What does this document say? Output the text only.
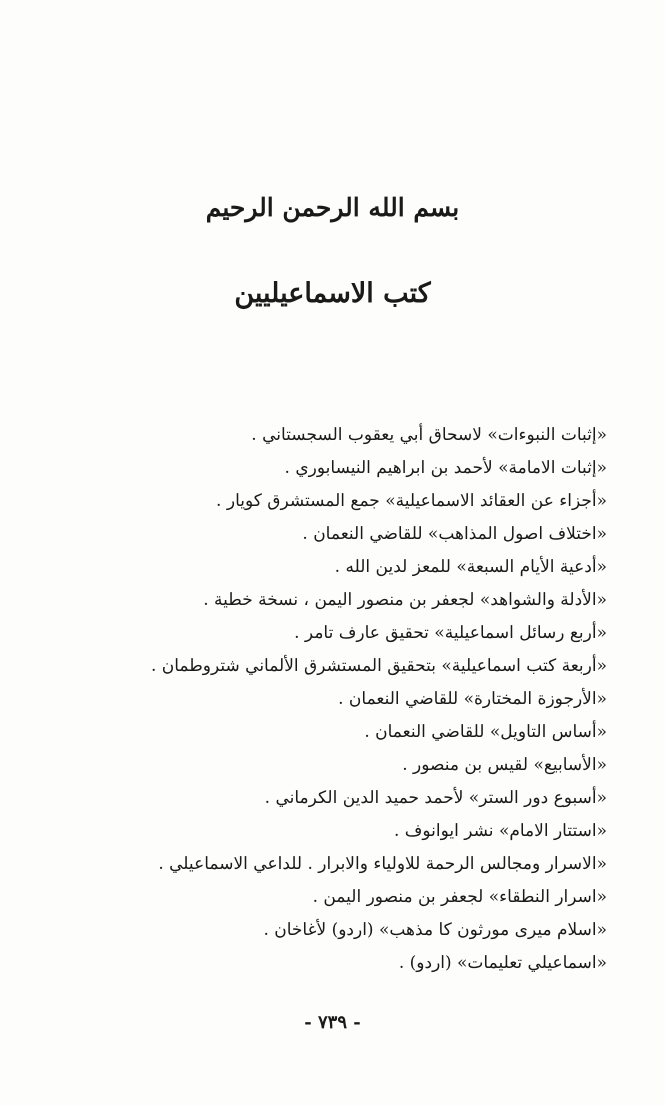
بسم الله الرحمن الرحيم
كتب الاسماعيليين
«إثبات النبوءات» لاسحاق أبي يعقوب السجستاني .
«إثبات الامامة» لأحمد بن ابراهيم النيسابوري .
«أجزاء عن العقائد الاسماعيلية» جمع المستشرق كويار .
«اختلاف اصول المذاهب» للقاضي النعمان .
«أدعية الأيام السبعة» للمعز لدين الله .
«الأدلة والشواهد» لجعفر بن منصور اليمن ، نسخة خطية .
«أربع رسائل اسماعيلية» تحقيق عارف تامر .
«أربعة كتب اسماعيلية» بتحقيق المستشرق الألماني شتروطمان .
«الأرجوزة المختارة» للقاضي النعمان .
«أساس التاويل» للقاضي النعمان .
«الأسابيع» لقيس بن منصور .
«أسبوع دور الستر» لأحمد حميد الدين الكرماني .
«استتار الامام» نشر ايوانوف .
«الاسرار ومجالس الرحمة للاولياء والابرار . للداعي الاسماعيلي .
«اسرار النطقاء» لجعفر بن منصور اليمن .
«اسلام ميرى مورثون كا مذهب» (اردو) لأغاخان .
«اسماعيلي تعليمات» (اردو) .
- ٧٣٩ -
